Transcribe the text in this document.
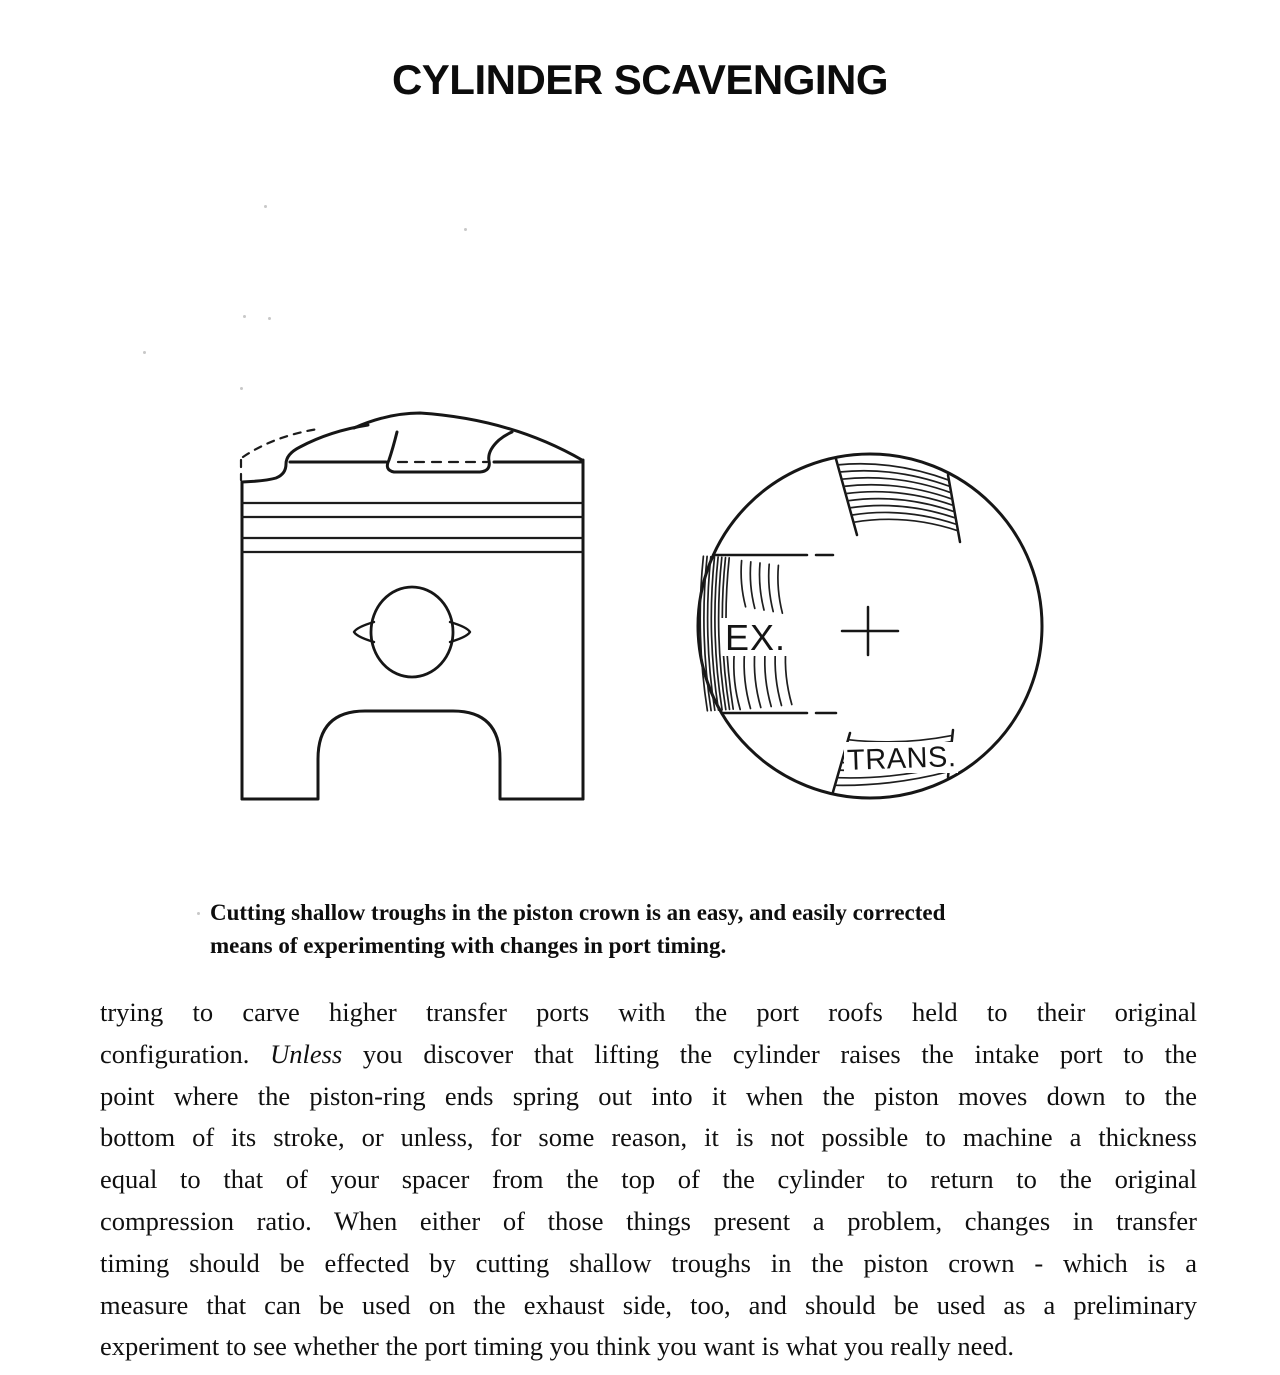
CYLINDER SCAVENGING
EX.
TRANS.
Cutting shallow troughs in the piston crown is an easy, and easily corrected
means of experimenting with changes in port timing.
trying to carve higher transfer ports with the port roofs held to their original
configuration. Unless you discover that lifting the cylinder raises the intake port to the
point where the piston-ring ends spring out into it when the piston moves down to the
bottom of its stroke, or unless, for some reason, it is not possible to machine a thickness
equal to that of your spacer from the top of the cylinder to return to the original
compression ratio. When either of those things present a problem, changes in transfer
timing should be effected by cutting shallow troughs in the piston crown - which is a
measure that can be used on the exhaust side, too, and should be used as a preliminary
experiment to see whether the port timing you think you want is what you really need.
